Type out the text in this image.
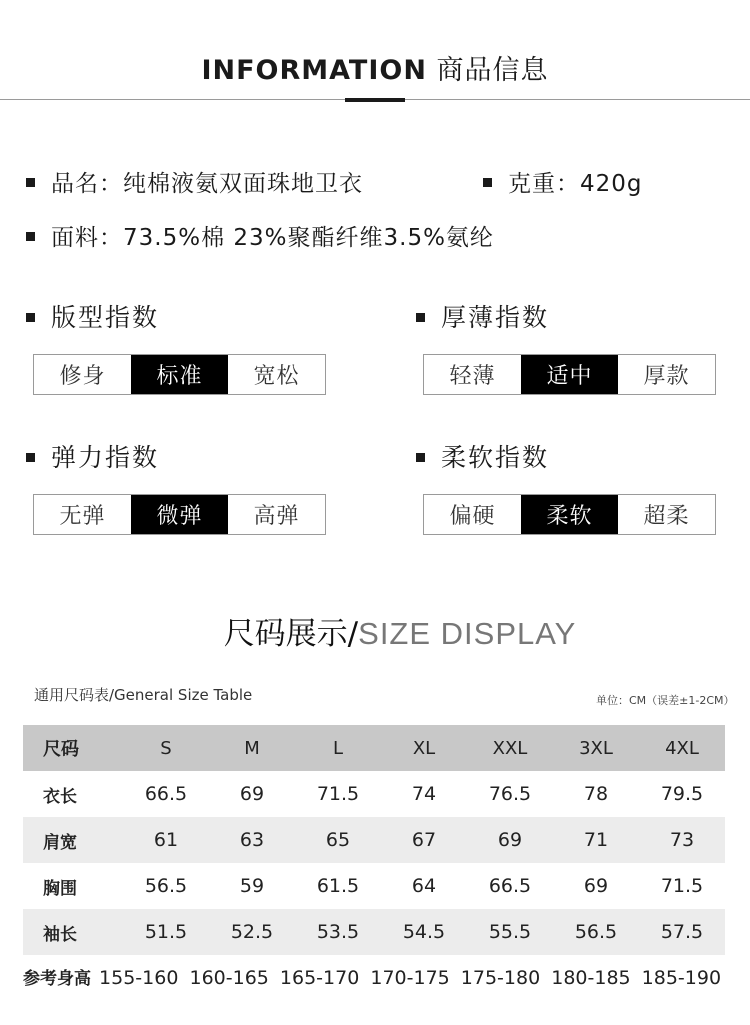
INFORMATION 商品信息
品名：纯棉液氨双面珠地卫衣	克重：420g
面料：73.5%棉 23%聚酯纤维3.5%氨纶
版型指数
修身	标准	宽松
厚薄指数
轻薄	适中	厚款
弹力指数
无弹	微弹	高弹
柔软指数
偏硬	柔软	超柔
尺码展示/SIZE DISPLAY
通用尺码表/General Size Table	单位：CM（误差±1-2CM）
尺码	S	M	L	XL	XXL	3XL	4XL
衣长	66.5	69	71.5	74	76.5	78	79.5
肩宽	61	63	65	67	69	71	73
胸围	56.5	59	61.5	64	66.5	69	71.5
袖长	51.5	52.5	53.5	54.5	55.5	56.5	57.5
参考身高 155-160 160-165 165-170 170-175 175-180 180-185 185-190
